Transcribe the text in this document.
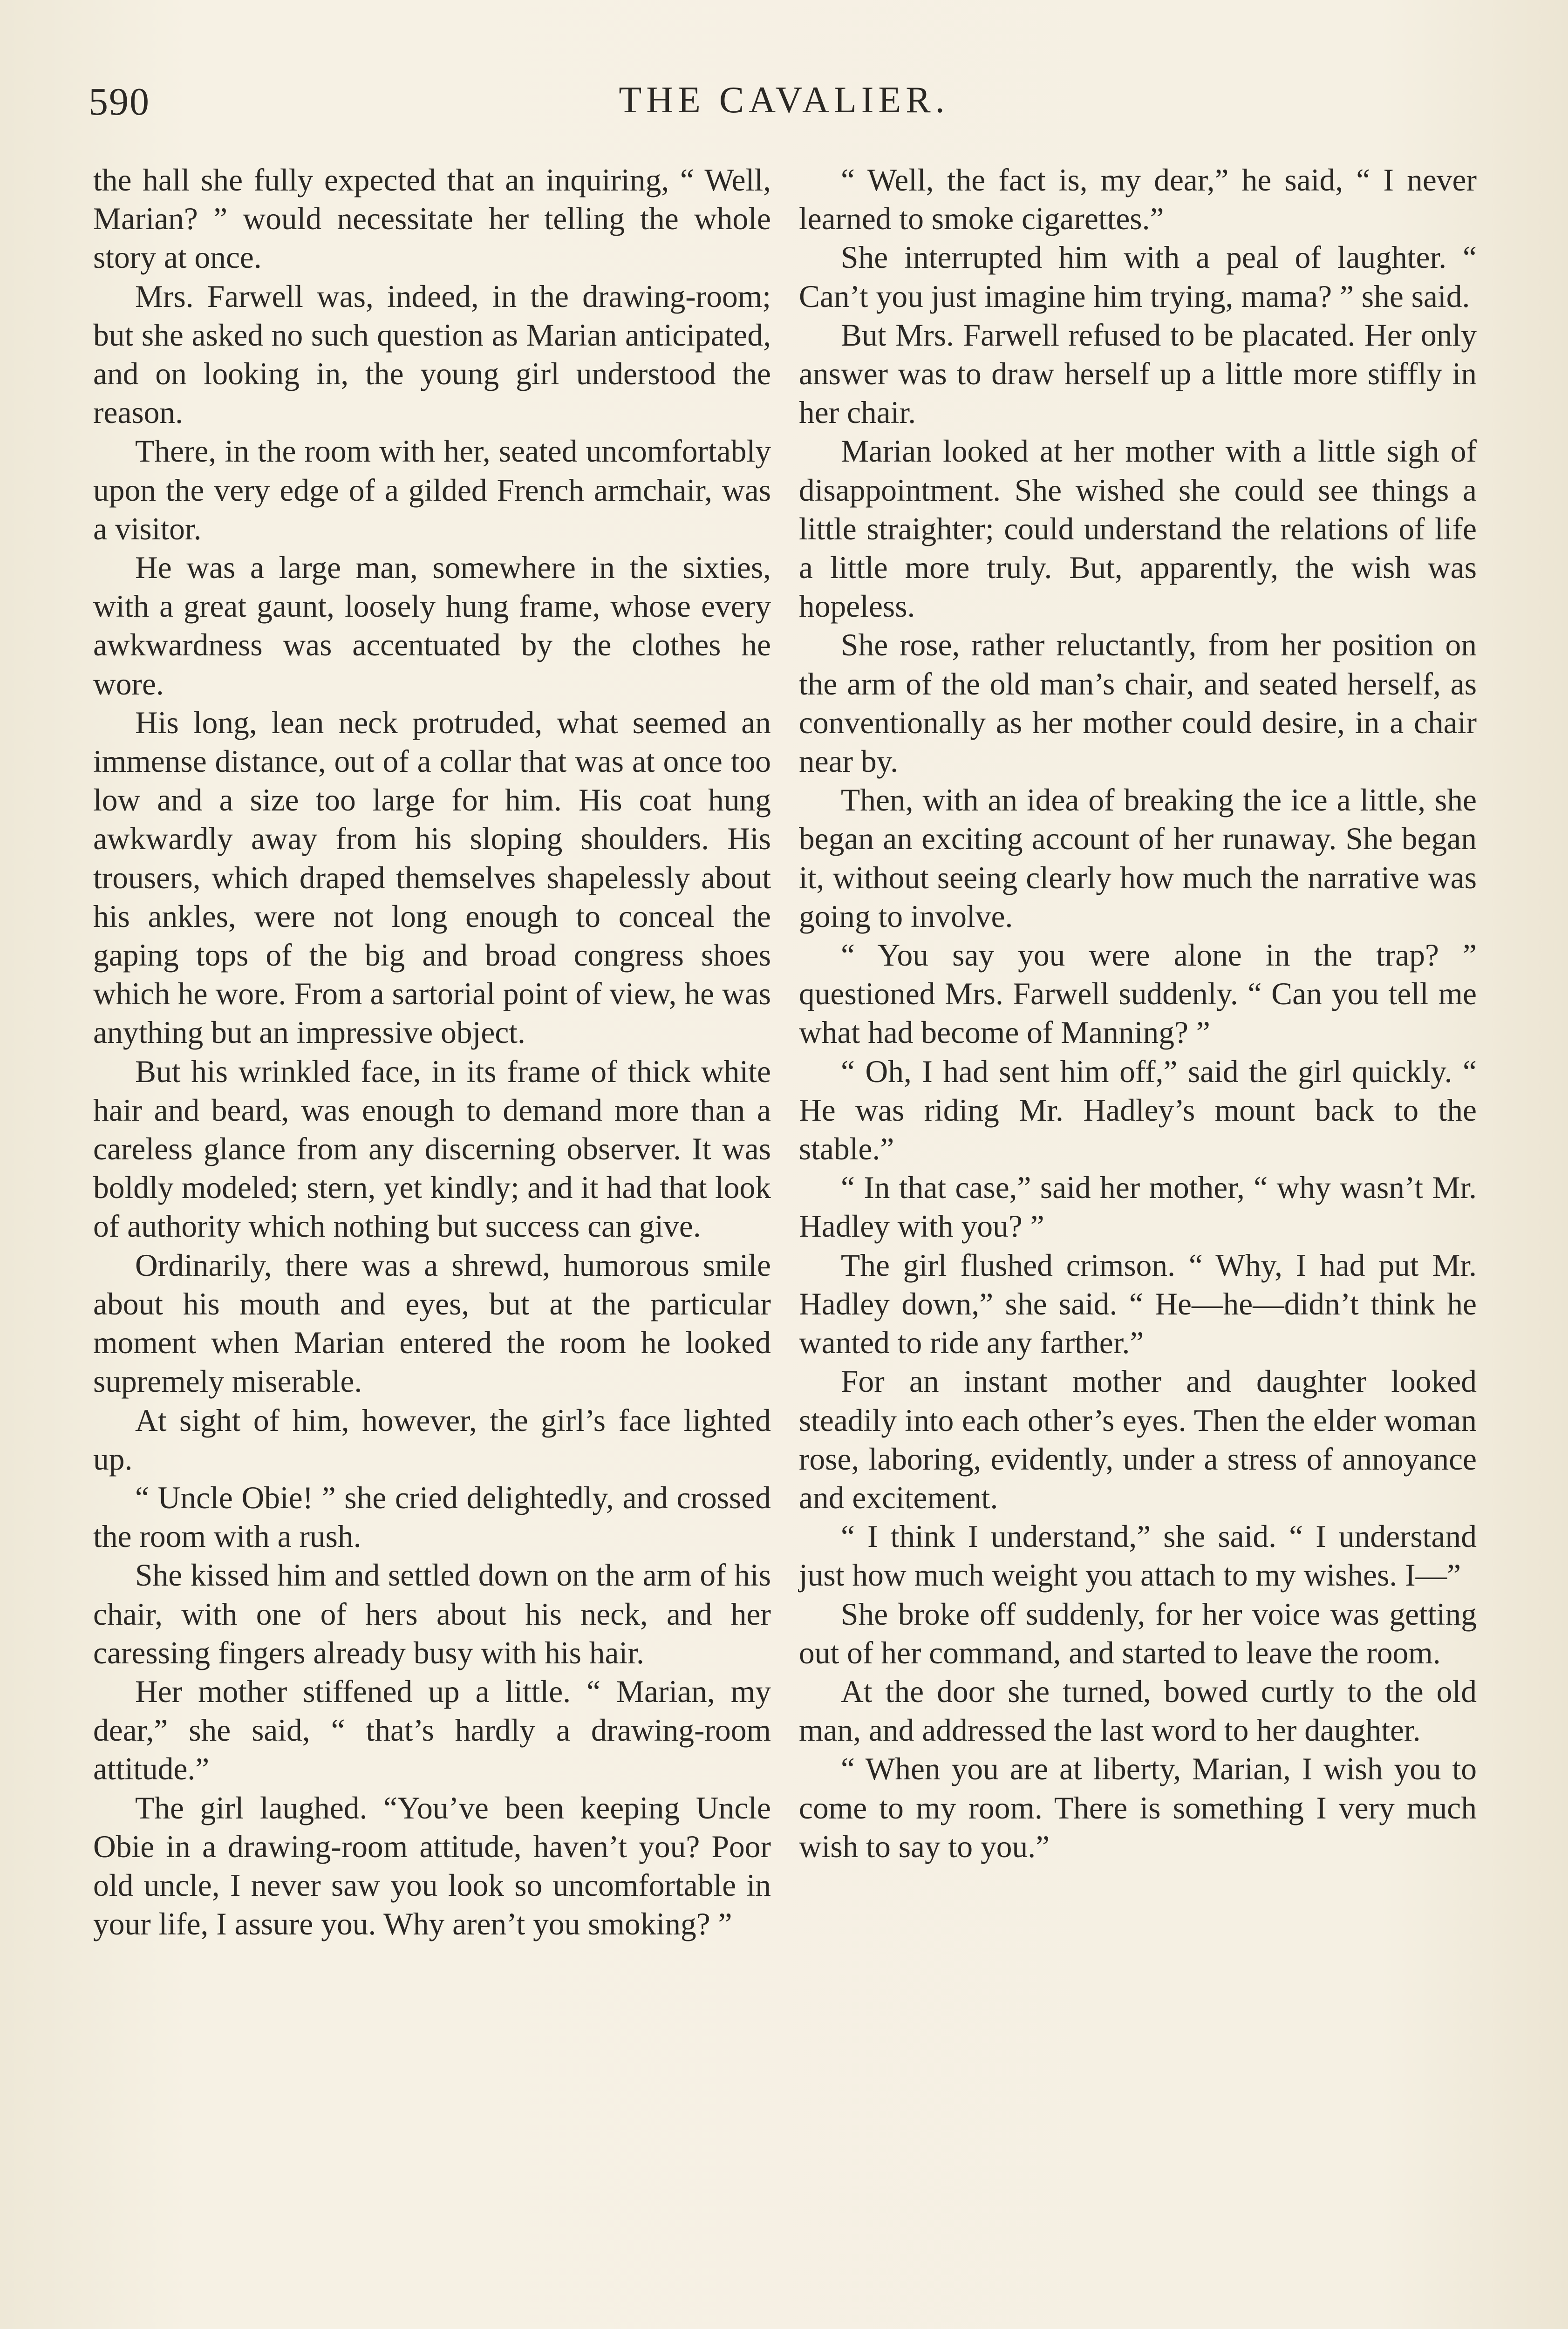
590	THE CAVALIER.

the hall she fully expected that an inquiring, “ Well, Marian? ” would necessitate her telling the whole story at once.

Mrs. Farwell was, indeed, in the drawing-room; but she asked no such question as Marian anticipated, and on looking in, the young girl understood the reason.

There, in the room with her, seated uncomfortably upon the very edge of a gilded French armchair, was a visitor.

He was a large man, somewhere in the sixties, with a great gaunt, loosely hung frame, whose every awkwardness was accentuated by the clothes he wore.

His long, lean neck protruded, what seemed an immense distance, out of a collar that was at once too low and a size too large for him. His coat hung awkwardly away from his sloping shoulders. His trousers, which draped themselves shapelessly about his ankles, were not long enough to conceal the gaping tops of the big and broad congress shoes which he wore. From a sartorial point of view, he was anything but an impressive object.

But his wrinkled face, in its frame of thick white hair and beard, was enough to demand more than a careless glance from any discerning observer. It was boldly modeled; stern, yet kindly; and it had that look of authority which nothing but success can give.

Ordinarily, there was a shrewd, humorous smile about his mouth and eyes, but at the particular moment when Marian entered the room he looked supremely miserable.

At sight of him, however, the girl’s face lighted up.

“ Uncle Obie! ” she cried delightedly, and crossed the room with a rush.

She kissed him and settled down on the arm of his chair, with one of hers about his neck, and her caressing fingers already busy with his hair.

Her mother stiffened up a little. “ Marian, my dear,” she said, “ that’s hardly a drawing-room attitude.”

The girl laughed. “You’ve been keeping Uncle Obie in a drawing-room attitude, haven’t you? Poor old uncle, I never saw you look so uncomfortable in your life, I assure you. Why aren’t you smoking? ”

“ Well, the fact is, my dear,” he said, “ I never learned to smoke cigarettes.”

She interrupted him with a peal of laughter. “ Can’t you just imagine him trying, mama? ” she said.

But Mrs. Farwell refused to be placated. Her only answer was to draw herself up a little more stiffly in her chair.

Marian looked at her mother with a little sigh of disappointment. She wished she could see things a little straighter; could understand the relations of life a little more truly. But, apparently, the wish was hopeless.

She rose, rather reluctantly, from her position on the arm of the old man’s chair, and seated herself, as conventionally as her mother could desire, in a chair near by.

Then, with an idea of breaking the ice a little, she began an exciting account of her runaway. She began it, without seeing clearly how much the narrative was going to involve.

“ You say you were alone in the trap? ” questioned Mrs. Farwell suddenly. “ Can you tell me what had become of Manning? ”

“ Oh, I had sent him off,” said the girl quickly. “ He was riding Mr. Hadley’s mount back to the stable.”

“ In that case,” said her mother, “ why wasn’t Mr. Hadley with you? ”

The girl flushed crimson. “ Why, I had put Mr. Hadley down,” she said. “ He—he—didn’t think he wanted to ride any farther.”

For an instant mother and daughter looked steadily into each other’s eyes. Then the elder woman rose, laboring, evidently, under a stress of annoyance and excitement.

“ I think I understand,” she said. “ I understand just how much weight you attach to my wishes. I—”

She broke off suddenly, for her voice was getting out of her command, and started to leave the room.

At the door she turned, bowed curtly to the old man, and addressed the last word to her daughter.

“ When you are at liberty, Marian, I wish you to come to my room. There is something I very much wish to say to you.”
